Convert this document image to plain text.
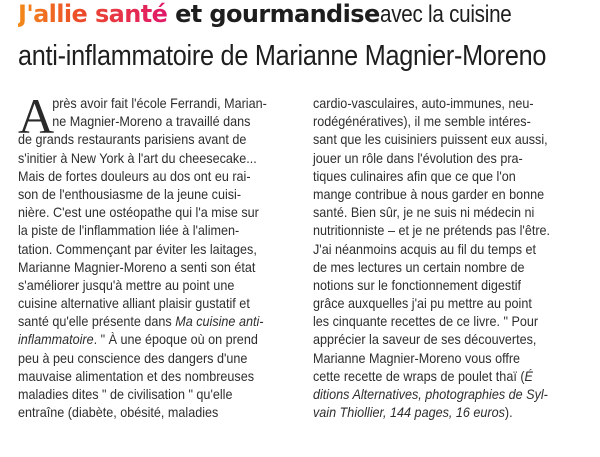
J'allie santé et gourmandiseavec la cuisine
anti-inflammatoire de Marianne Magnier-Moreno
A
près avoir fait l'école Ferrandi, Marian-
ne Magnier-Moreno a travaillé dans
de grands restaurants parisiens avant de
s'initier à New York à l'art du cheesecake...
Mais de fortes douleurs au dos ont eu rai-
son de l'enthousiasme de la jeune cuisi-
nière. C'est une ostéopathe qui l'a mise sur
la piste de l'inflammation liée à l'alimen-
tation. Commençant par éviter les laitages,
Marianne Magnier-Moreno a senti son état
s'améliorer jusqu'à mettre au point une
cuisine alternative alliant plaisir gustatif et
santé qu'elle présente dans Ma cuisine anti-
inflammatoire. " À une époque où on prend
peu à peu conscience des dangers d'une
mauvaise alimentation et des nombreuses
maladies dites " de civilisation " qu'elle
entraîne (diabète, obésité, maladies
cardio-vasculaires, auto-immunes, neu-
rodégénératives), il me semble intéres-
sant que les cuisiniers puissent eux aussi,
jouer un rôle dans l'évolution des pra-
tiques culinaires afin que ce que l'on
mange contribue à nous garder en bonne
santé. Bien sûr, je ne suis ni médecin ni
nutritionniste – et je ne prétends pas l'être.
J'ai néanmoins acquis au fil du temps et
de mes lectures un certain nombre de
notions sur le fonctionnement digestif
grâce auxquelles j'ai pu mettre au point
les cinquante recettes de ce livre. " Pour
apprécier la saveur de ses découvertes,
Marianne Magnier-Moreno vous offre
cette recette de wraps de poulet thaï (É
ditions Alternatives, photographies de Syl-
vain Thiollier, 144 pages, 16 euros).
